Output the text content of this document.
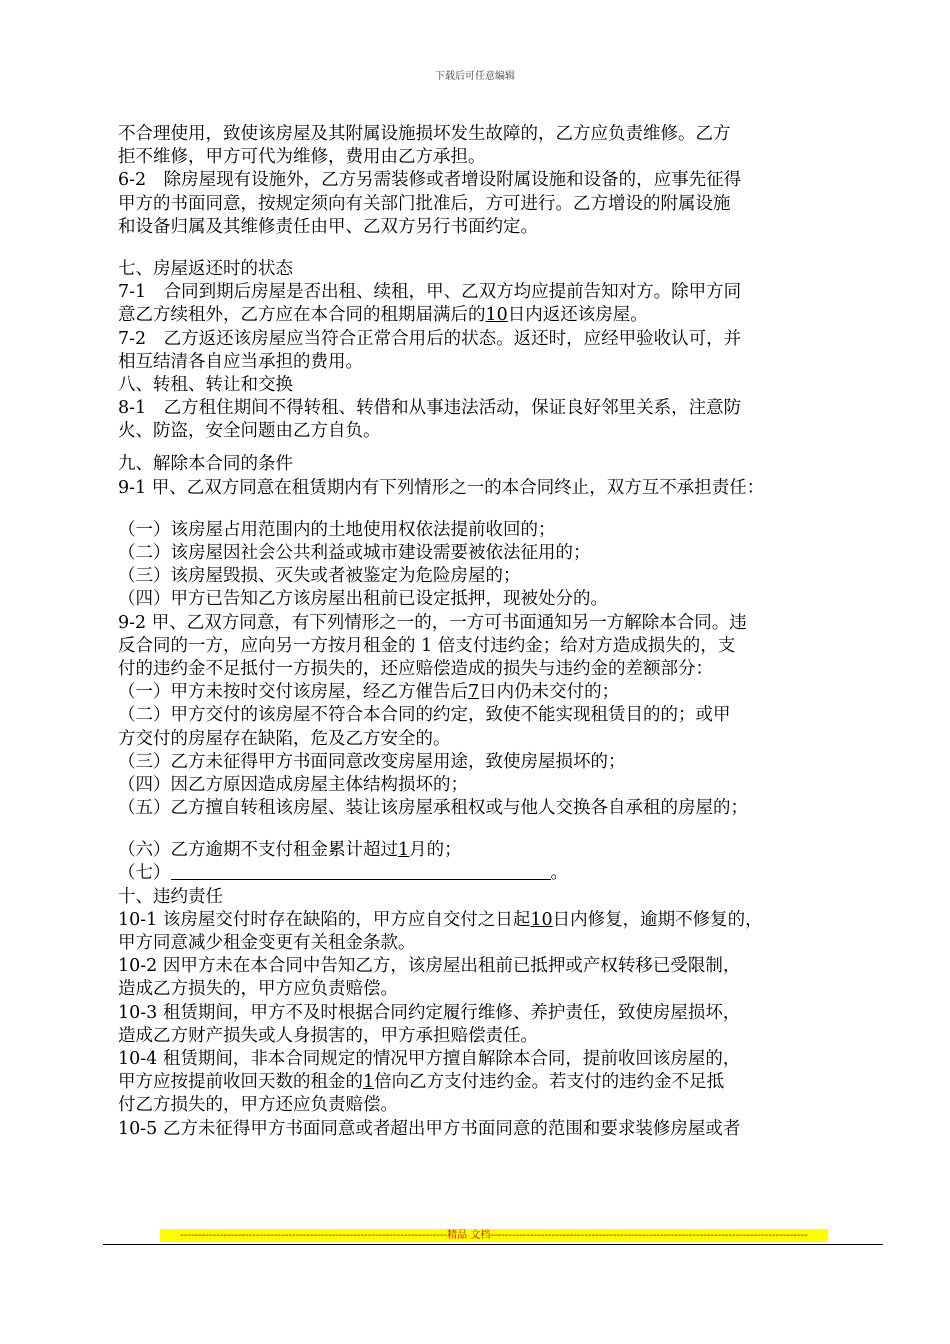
下载后可任意编辑
不合理使用，致使该房屋及其附属设施损坏发生故障的，乙方应负责维修。乙方
拒不维修，甲方可代为维修，费用由乙方承担。
6-2　除房屋现有设施外，乙方另需装修或者增设附属设施和设备的，应事先征得
甲方的书面同意，按规定须向有关部门批准后，方可进行。乙方增设的附属设施
和设备归属及其维修责任由甲、乙双方另行书面约定。
七、房屋返还时的状态
7-1　合同到期后房屋是否出租、续租，甲、乙双方均应提前告知对方。除甲方同
意乙方续租外，乙方应在本合同的租期届满后的10日内返还该房屋。
7-2　乙方返还该房屋应当符合正常合用后的状态。返还时，应经甲验收认可，并
相互结清各自应当承担的费用。
八、转租、转让和交换
8-1　乙方租住期间不得转租、转借和从事违法活动，保证良好邻里关系，注意防
火、防盗，安全问题由乙方自负。
九、解除本合同的条件
9-1 甲、乙双方同意在租赁期内有下列情形之一的本合同终止，双方互不承担责任：
（一）该房屋占用范围内的土地使用权依法提前收回的；
（二）该房屋因社会公共利益或城市建设需要被依法征用的；
（三）该房屋毁损、灭失或者被鉴定为危险房屋的；
（四）甲方已告知乙方该房屋出租前已设定抵押，现被处分的。
9-2 甲、乙双方同意，有下列情形之一的，一方可书面通知另一方解除本合同。违
反合同的一方，应向另一方按月租金的 1 倍支付违约金；给对方造成损失的，支
付的违约金不足抵付一方损失的，还应赔偿造成的损失与违约金的差额部分：
（一）甲方未按时交付该房屋，经乙方催告后7日内仍未交付的；
（二）甲方交付的该房屋不符合本合同的约定，致使不能实现租赁目的的；或甲
方交付的房屋存在缺陷，危及乙方安全的。
（三）乙方未征得甲方书面同意改变房屋用途，致使房屋损坏的；
（四）因乙方原因造成房屋主体结构损坏的；
（五）乙方擅自转租该房屋、装让该房屋承租权或与他人交换各自承租的房屋的；
（六）乙方逾期不支付租金累计超过1月的；
（七）	。
十、违约责任
10-1 该房屋交付时存在缺陷的，甲方应自交付之日起10日内修复，逾期不修复的，
甲方同意减少租金变更有关租金条款。
10-2 因甲方未在本合同中告知乙方，该房屋出租前已抵押或产权转移已受限制，
造成乙方损失的，甲方应负责赔偿。
10-3 租赁期间，甲方不及时根据合同约定履行维修、养护责任，致使房屋损坏，
造成乙方财产损失或人身损害的，甲方承担赔偿责任。
10-4 租赁期间，非本合同规定的情况甲方擅自解除本合同，提前收回该房屋的，
甲方应按提前收回天数的租金的1倍向乙方支付违约金。若支付的违约金不足抵
付乙方损失的，甲方还应负责赔偿。
10-5 乙方未征得甲方书面同意或者超出甲方书面同意的范围和要求装修房屋或者
--------------------------------------------------------------------------精品 文档----------------------------------------------------------------------------------------
